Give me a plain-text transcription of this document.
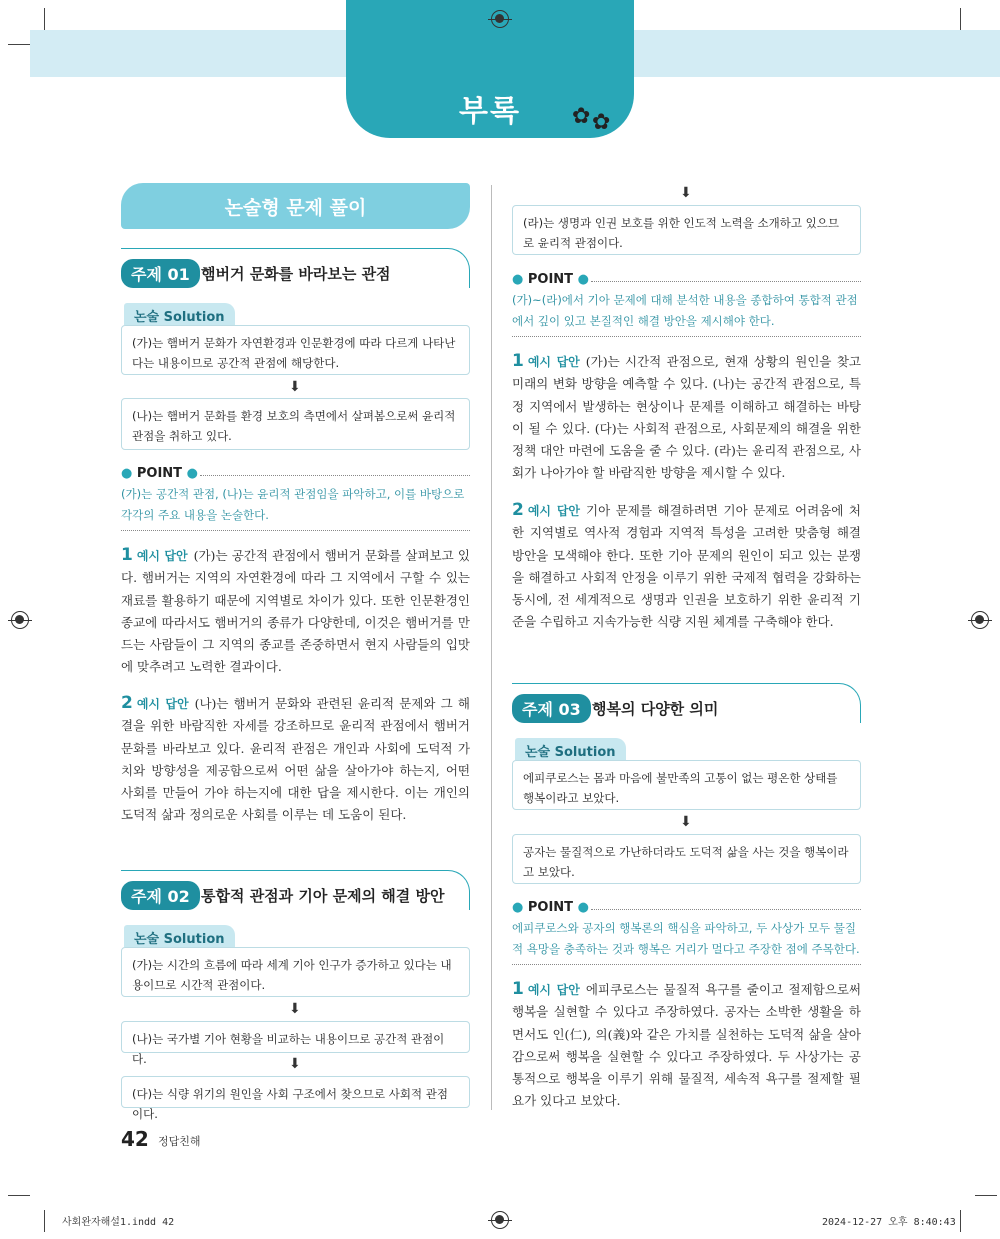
부록	✿ ✿
논술형 문제 풀이
주제 01 햄버거 문화를 바라보는 관점
논술 Solution
(가)는 햄버거 문화가 자연환경과 인문환경에 따라 다르게 나타난다는 내용이므로 공간적 관점에 해당한다.
⬇
(나)는 햄버거 문화를 환경 보호의 측면에서 살펴봄으로써 윤리적 관점을 취하고 있다.
● POINT ●
(가)는 공간적 관점, (나)는 윤리적 관점임을 파악하고, 이를 바탕으로 각각의 주요 내용을 논술한다.
1 예시 답안 (가)는 공간적 관점에서 햄버거 문화를 살펴보고 있다. 햄버거는 지역의 자연환경에 따라 그 지역에서 구할 수 있는 재료를 활용하기 때문에 지역별로 차이가 있다. 또한 인문환경인 종교에 따라서도 햄버거의 종류가 다양한데, 이것은 햄버거를 만드는 사람들이 그 지역의 종교를 존중하면서 현지 사람들의 입맛에 맞추려고 노력한 결과이다.
2 예시 답안 (나)는 햄버거 문화와 관련된 윤리적 문제와 그 해결을 위한 바람직한 자세를 강조하므로 윤리적 관점에서 햄버거 문화를 바라보고 있다. 윤리적 관점은 개인과 사회에 도덕적 가치와 방향성을 제공함으로써 어떤 삶을 살아가야 하는지, 어떤 사회를 만들어 가야 하는지에 대한 답을 제시한다. 이는 개인의 도덕적 삶과 정의로운 사회를 이루는 데 도움이 된다.
주제 02 통합적 관점과 기아 문제의 해결 방안
논술 Solution
(가)는 시간의 흐름에 따라 세계 기아 인구가 증가하고 있다는 내용이므로 시간적 관점이다.
⬇
(나)는 국가별 기아 현황을 비교하는 내용이므로 공간적 관점이다.	⬇
(다)는 식량 위기의 원인을 사회 구조에서 찾으므로 사회적 관점이다.
⬇
(라)는 생명과 인권 보호를 위한 인도적 노력을 소개하고 있으므로 윤리적 관점이다.
● POINT ●
(가)~(라)에서 기아 문제에 대해 분석한 내용을 종합하여 통합적 관점에서 깊이 있고 본질적인 해결 방안을 제시해야 한다.
1 예시 답안 (가)는 시간적 관점으로, 현재 상황의 원인을 찾고 미래의 변화 방향을 예측할 수 있다. (나)는 공간적 관점으로, 특정 지역에서 발생하는 현상이나 문제를 이해하고 해결하는 바탕이 될 수 있다. (다)는 사회적 관점으로, 사회문제의 해결을 위한 정책 대안 마련에 도움을 줄 수 있다. (라)는 윤리적 관점으로, 사회가 나아가야 할 바람직한 방향을 제시할 수 있다.
2 예시 답안 기아 문제를 해결하려면 기아 문제로 어려움에 처한 지역별로 역사적 경험과 지역적 특성을 고려한 맞춤형 해결 방안을 모색해야 한다. 또한 기아 문제의 원인이 되고 있는 분쟁을 해결하고 사회적 안정을 이루기 위한 국제적 협력을 강화하는 동시에, 전 세계적으로 생명과 인권을 보호하기 위한 윤리적 기준을 수립하고 지속가능한 식량 지원 체계를 구축해야 한다.
주제 03 행복의 다양한 의미
논술 Solution
에피쿠로스는 몸과 마음에 불만족의 고통이 없는 평온한 상태를 행복이라고 보았다.
⬇
공자는 물질적으로 가난하더라도 도덕적 삶을 사는 것을 행복이라고 보았다.
● POINT ●
에피쿠로스와 공자의 행복론의 핵심을 파악하고, 두 사상가 모두 물질적 욕망을 충족하는 것과 행복은 거리가 멀다고 주장한 점에 주목한다.
1 예시 답안 에피쿠로스는 물질적 욕구를 줄이고 절제함으로써 행복을 실현할 수 있다고 주장하였다. 공자는 소박한 생활을 하면서도 인(仁), 의(義)와 같은 가치를 실천하는 도덕적 삶을 살아감으로써 행복을 실현할 수 있다고 주장하였다. 두 사상가는 공통적으로 행복을 이루기 위해 물질적, 세속적 욕구를 절제할 필요가 있다고 보았다.
42 정답친해
사회완자해설1.indd 42	2024-12-27 오후 8:40:43
